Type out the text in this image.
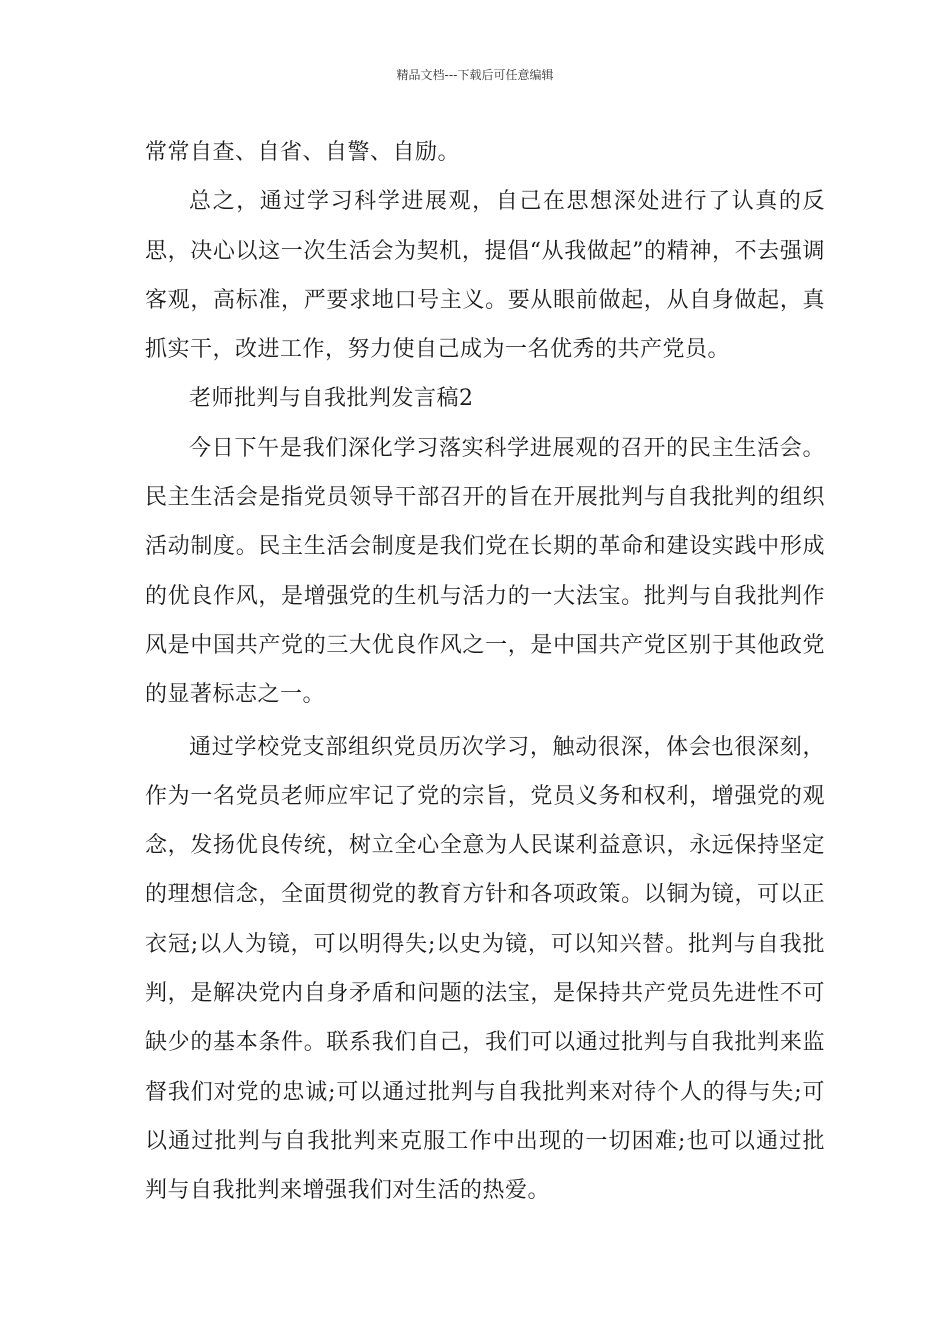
精品文档---下载后可任意编辑

常常自查、自省、自警、自励。

总之，通过学习科学进展观，自己在思想深处进行了认真的反思，决心以这一次生活会为契机，提倡“从我做起”的精神，不去强调客观，高标准，严要求地口号主义。要从眼前做起，从自身做起，真抓实干，改进工作，努力使自己成为一名优秀的共产党员。

老师批判与自我批判发言稿2

今日下午是我们深化学习落实科学进展观的召开的民主生活会。民主生活会是指党员领导干部召开的旨在开展批判与自我批判的组织活动制度。民主生活会制度是我们党在长期的革命和建设实践中形成的优良作风，是增强党的生机与活力的一大法宝。批判与自我批判作风是中国共产党的三大优良作风之一，是中国共产党区别于其他政党的显著标志之一。

通过学校党支部组织党员历次学习，触动很深，体会也很深刻，作为一名党员老师应牢记了党的宗旨，党员义务和权利，增强党的观念，发扬优良传统，树立全心全意为人民谋利益意识，永远保持坚定的理想信念，全面贯彻党的教育方针和各项政策。以铜为镜，可以正衣冠;以人为镜，可以明得失;以史为镜，可以知兴替。批判与自我批判，是解决党内自身矛盾和问题的法宝，是保持共产党员先进性不可缺少的基本条件。联系我们自己，我们可以通过批判与自我批判来监督我们对党的忠诚;可以通过批判与自我批判来对待个人的得与失;可以通过批判与自我批判来克服工作中出现的一切困难;也可以通过批判与自我批判来增强我们对生活的热爱。
